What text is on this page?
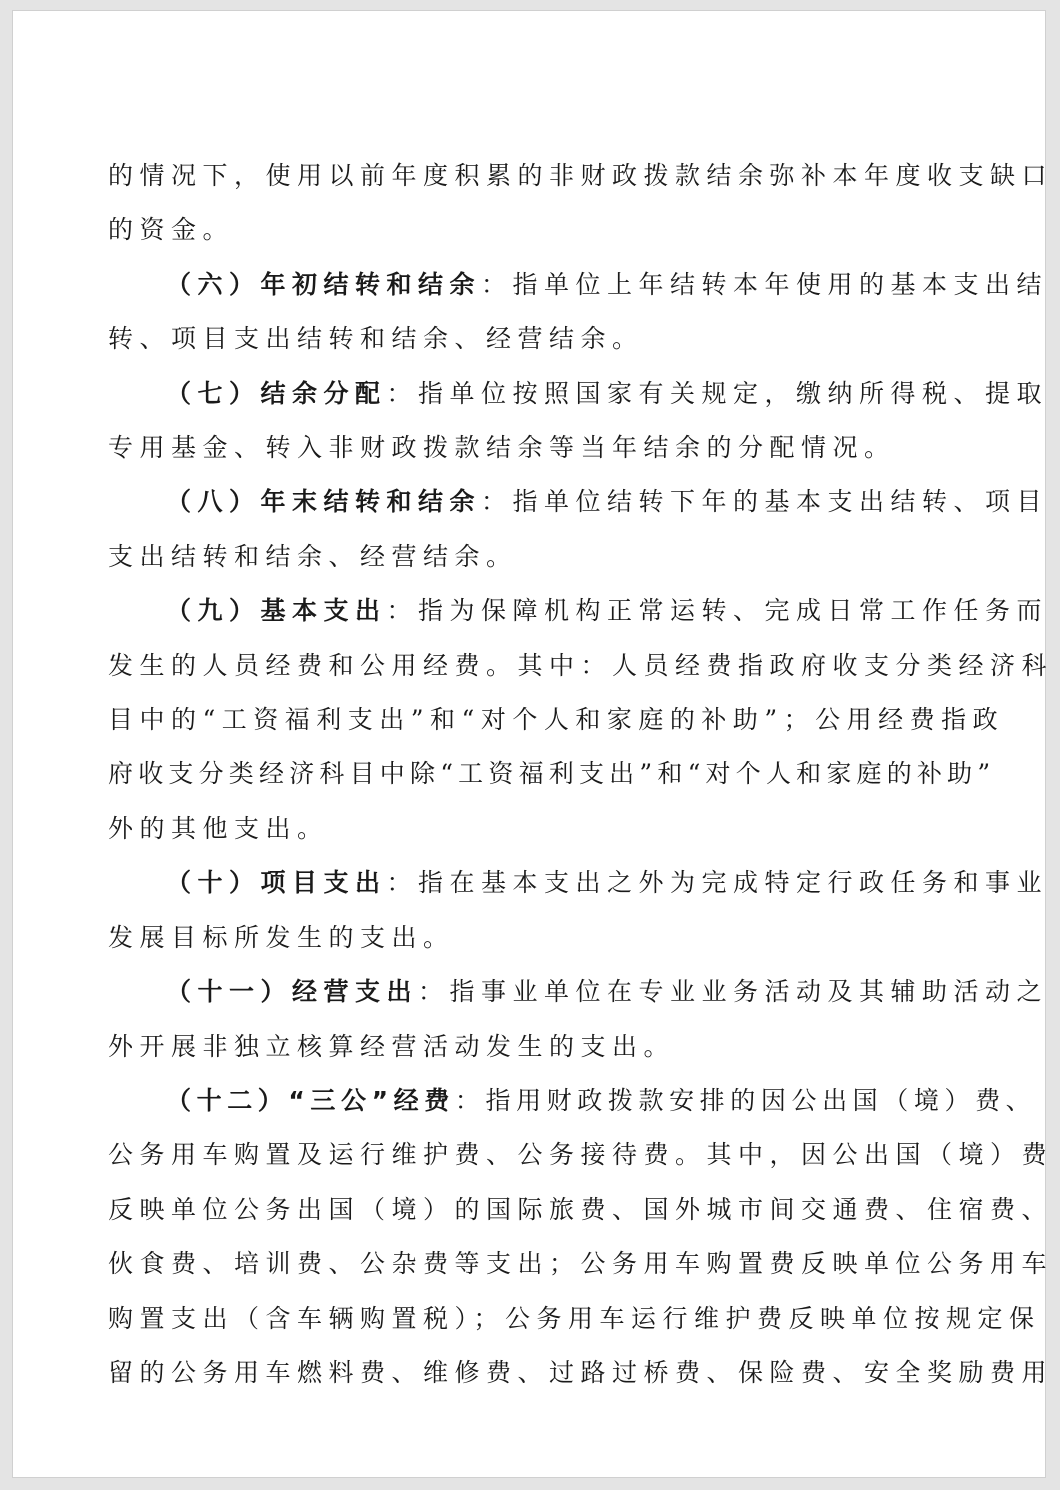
的情况下，使用以前年度积累的非财政拨款结余弥补本年度收支缺口
的资金。
（六）年初结转和结余：指单位上年结转本年使用的基本支出结
转、项目支出结转和结余、经营结余。
（七）结余分配：指单位按照国家有关规定，缴纳所得税、提取
专用基金、转入非财政拨款结余等当年结余的分配情况。
（八）年末结转和结余：指单位结转下年的基本支出结转、项目
支出结转和结余、经营结余。
（九）基本支出：指为保障机构正常运转、完成日常工作任务而
发生的人员经费和公用经费。其中：人员经费指政府收支分类经济科
目中的“工资福利支出”和“对个人和家庭的补助”；公用经费指政
府收支分类经济科目中除“工资福利支出”和“对个人和家庭的补助”
外的其他支出。
（十）项目支出：指在基本支出之外为完成特定行政任务和事业
发展目标所发生的支出。
（十一）经营支出：指事业单位在专业业务活动及其辅助活动之
外开展非独立核算经营活动发生的支出。
（十二）“三公”经费：指用财政拨款安排的因公出国（境）费、
公务用车购置及运行维护费、公务接待费。其中，因公出国（境）费
反映单位公务出国（境）的国际旅费、国外城市间交通费、住宿费、
伙食费、培训费、公杂费等支出；公务用车购置费反映单位公务用车
购置支出（含车辆购置税）；公务用车运行维护费反映单位按规定保
留的公务用车燃料费、维修费、过路过桥费、保险费、安全奖励费用
